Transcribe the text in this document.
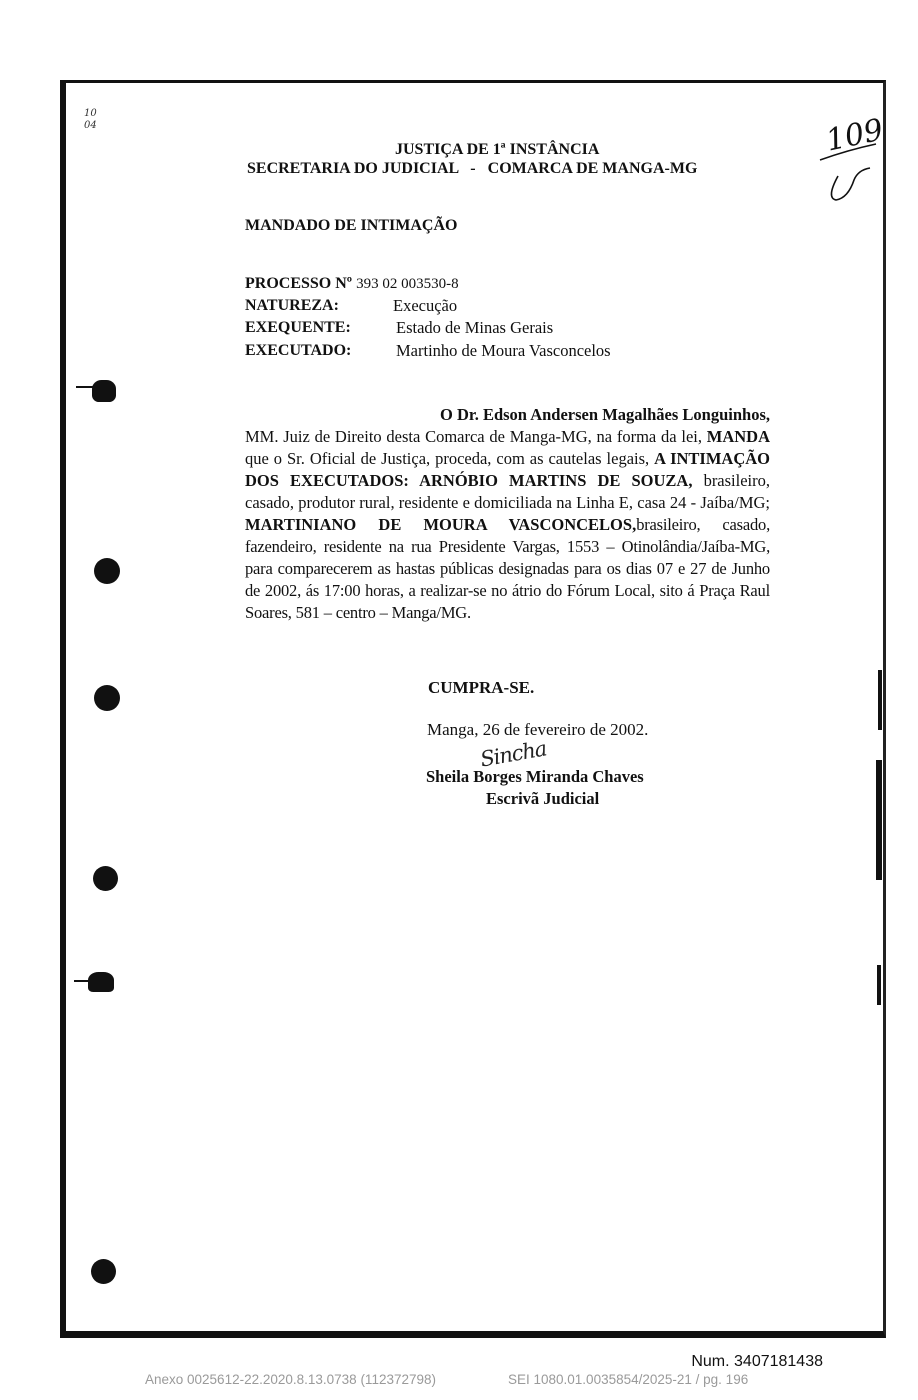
10 04	109
JUSTIÇA DE 1ª INSTÂNCIA
SECRETARIA DO JUDICIAL   -   COMARCA DE MANGA-MG
MANDADO DE INTIMAÇÃO
PROCESSO Nº 393 02 003530-8
NATUREZA:	Execução
EXEQUENTE:	Estado de Minas Gerais
EXECUTADO:	Martinho de Moura Vasconcelos

O Dr. Edson Andersen Magalhães Longuinhos, MM. Juiz de Direito desta Comarca de Manga-MG, na forma da lei, MANDA que o Sr. Oficial de Justiça, proceda, com as cautelas legais, A INTIMAÇÃO DOS EXECUTADOS: ARNÓBIO MARTINS DE SOUZA, brasileiro, casado, produtor rural, residente e domiciliada na Linha E, casa 24 - Jaíba/MG; MARTINIANO DE MOURA VASCONCELOS,brasileiro, casado, fazendeiro, residente na rua Presidente Vargas, 1553 – Otinolândia/Jaíba-MG, para comparecerem as hastas públicas designadas para os dias 07 e 27 de Junho de 2002, ás 17:00 horas, a realizar-se no átrio do Fórum Local, sito á Praça Raul Soares, 581 – centro – Manga/MG.

CUMPRA-SE.
Manga, 26 de fevereiro de 2002.
Sincha
Sheila Borges Miranda Chaves
Escrivã Judicial
Num. 3407181438
Anexo 0025612-22.2020.8.13.0738 (112372798)	SEI 1080.01.0035854/2025-21 / pg. 196
